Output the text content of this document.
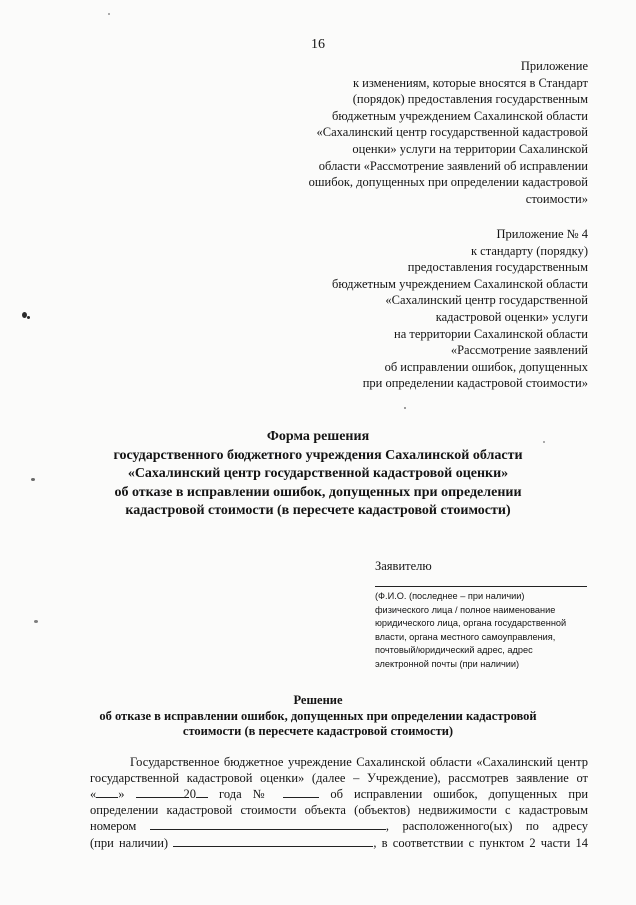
16
Приложение
к изменениям, которые вносятся в Стандарт
(порядок) предоставления государственным
бюджетным учреждением Сахалинской области
«Сахалинский центр государственной кадастровой
оценки» услуги на территории Сахалинской
области «Рассмотрение заявлений об исправлении
ошибок, допущенных при определении кадастровой
стоимости»
Приложение № 4
к стандарту (порядку)
предоставления государственным
бюджетным учреждением Сахалинской области
«Сахалинский центр государственной
кадастровой оценки» услуги
на территории Сахалинской области
«Рассмотрение заявлений
об исправлении ошибок, допущенных
при определении кадастровой стоимости»
Форма решения
государственного бюджетного учреждения Сахалинской области
«Сахалинский центр государственной кадастровой оценки»
об отказе в исправлении ошибок, допущенных при определении
кадастровой стоимости (в пересчете кадастровой стоимости)
Заявителю
(Ф.И.О. (последнее – при наличии)
физического лица / полное наименование
юридического лица, органа государственной
власти, органа местного самоуправления,
почтовый/юридический адрес, адрес
электронной почты (при наличии)
Решение
об отказе в исправлении ошибок, допущенных при определении кадастровой
стоимости (в пересчете кадастровой стоимости)
Государственное бюджетное учреждение Сахалинской области «Сахалинский центр
государственной кадастровой оценки» (далее – Учреждение), рассмотрев заявление от
« »	20 года №	об исправлении ошибок, допущенных при
определении кадастровой стоимости объекта (объектов) недвижимости с кадастровым
номером	, расположенного(ых) по адресу
(при наличии)	, в соответствии с пунктом 2 части 14
